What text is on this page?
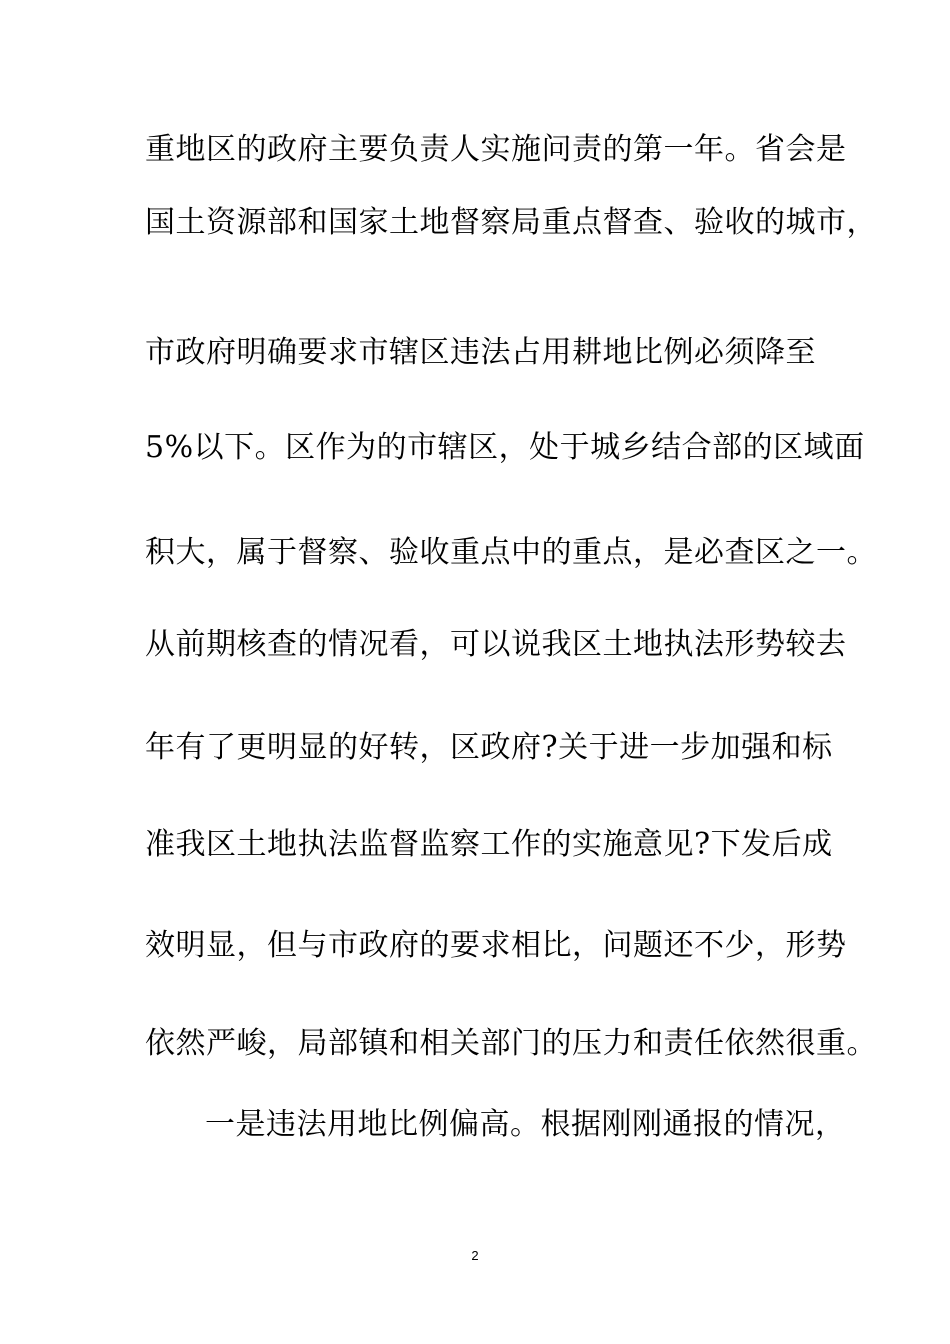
重地区的政府主要负责人实施问责的第一年。省会是
国土资源部和国家土地督察局重点督查、验收的城市，
市政府明确要求市辖区违法占用耕地比例必须降至
5%以下。区作为的市辖区，处于城乡结合部的区域面
积大，属于督察、验收重点中的重点，是必查区之一。
从前期核查的情况看，可以说我区土地执法形势较去
年有了更明显的好转，区政府?关于进一步加强和标
准我区土地执法监督监察工作的实施意见?下发后成
效明显，但与市政府的要求相比，问题还不少，形势
依然严峻，局部镇和相关部门的压力和责任依然很重。
一是违法用地比例偏高。根据刚刚通报的情况，
2
